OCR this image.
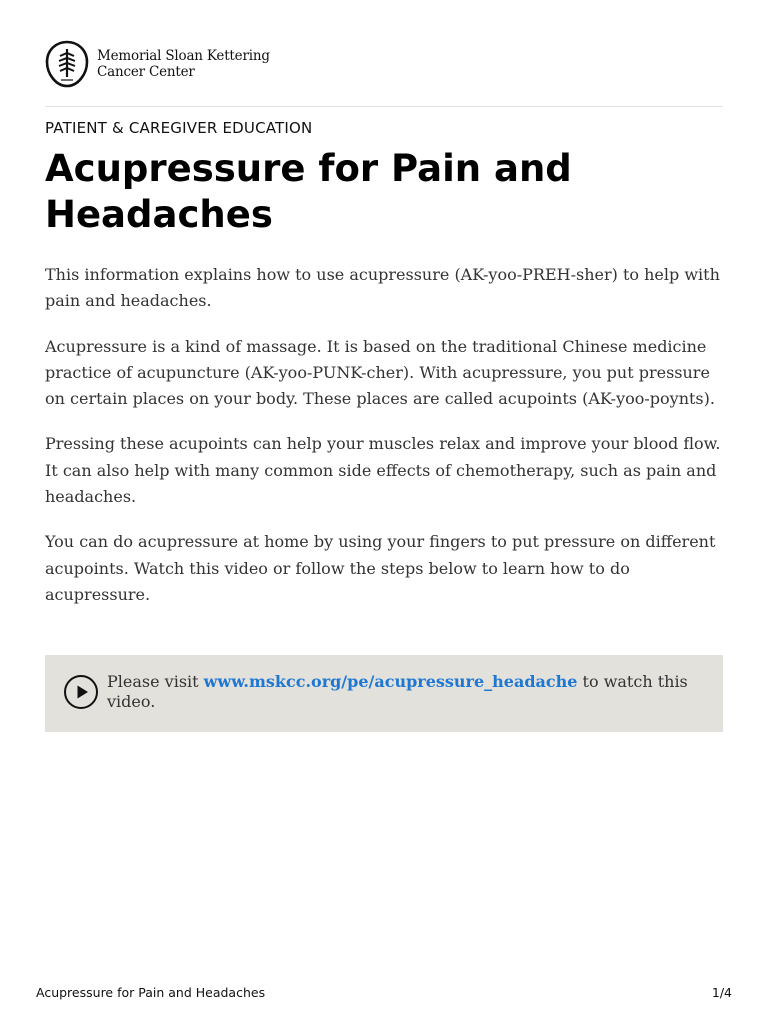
Memorial Sloan Kettering
Cancer Center
PATIENT & CAREGIVER EDUCATION
Acupressure for Pain and Headaches

This information explains how to use acupressure (AK-yoo-PREH-sher) to help with pain and headaches.

Acupressure is a kind of massage. It is based on the traditional Chinese medicine practice of acupuncture (AK-yoo-PUNK-cher). With acupressure, you put pressure on certain places on your body. These places are called acupoints (AK-yoo-poynts).

Pressing these acupoints can help your muscles relax and improve your blood flow. It can also help with many common side effects of chemotherapy, such as pain and headaches.

You can do acupressure at home by using your fingers to put pressure on different acupoints. Watch this video or follow the steps below to learn how to do acupressure.

Please visit www.mskcc.org/pe/acupressure_headache to watch this video.
Acupressure for Pain and Headaches	1/4
